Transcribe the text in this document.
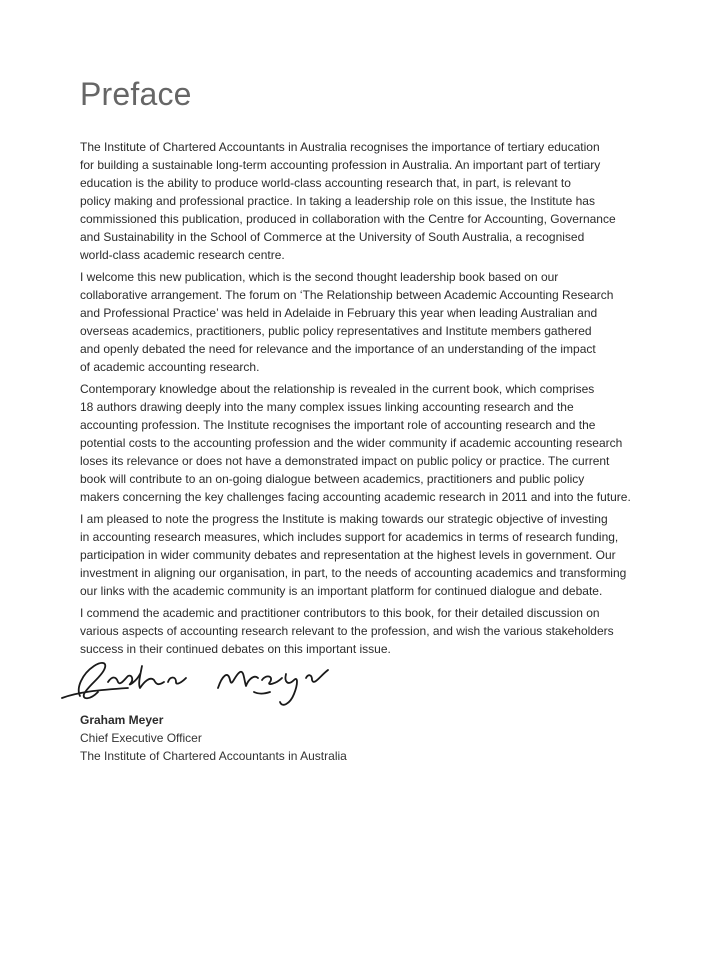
Preface

The Institute of Chartered Accountants in Australia recognises the importance of tertiary education
for building a sustainable long-term accounting profession in Australia. An important part of tertiary
education is the ability to produce world-class accounting research that, in part, is relevant to
policy making and professional practice. In taking a leadership role on this issue, the Institute has
commissioned this publication, produced in collaboration with the Centre for Accounting, Governance
and Sustainability in the School of Commerce at the University of South Australia, a recognised
world-class academic research centre.

I welcome this new publication, which is the second thought leadership book based on our
collaborative arrangement. The forum on ‘The Relationship between Academic Accounting Research
and Professional Practice’ was held in Adelaide in February this year when leading Australian and
overseas academics, practitioners, public policy representatives and Institute members gathered
and openly debated the need for relevance and the importance of an understanding of the impact
of academic accounting research.

Contemporary knowledge about the relationship is revealed in the current book, which comprises
18 authors drawing deeply into the many complex issues linking accounting research and the
accounting profession. The Institute recognises the important role of accounting research and the
potential costs to the accounting profession and the wider community if academic accounting research
loses its relevance or does not have a demonstrated impact on public policy or practice. The current
book will contribute to an on-going dialogue between academics, practitioners and public policy
makers concerning the key challenges facing accounting academic research in 2011 and into the future.

I am pleased to note the progress the Institute is making towards our strategic objective of investing
in accounting research measures, which includes support for academics in terms of research funding,
participation in wider community debates and representation at the highest levels in government. Our
investment in aligning our organisation, in part, to the needs of accounting academics and transforming
our links with the academic community is an important platform for continued dialogue and debate.

I commend the academic and practitioner contributors to this book, for their detailed discussion on
various aspects of accounting research relevant to the profession, and wish the various stakeholders
success in their continued debates on this important issue.

Graham Meyer
Chief Executive Officer
The Institute of Chartered Accountants in Australia
